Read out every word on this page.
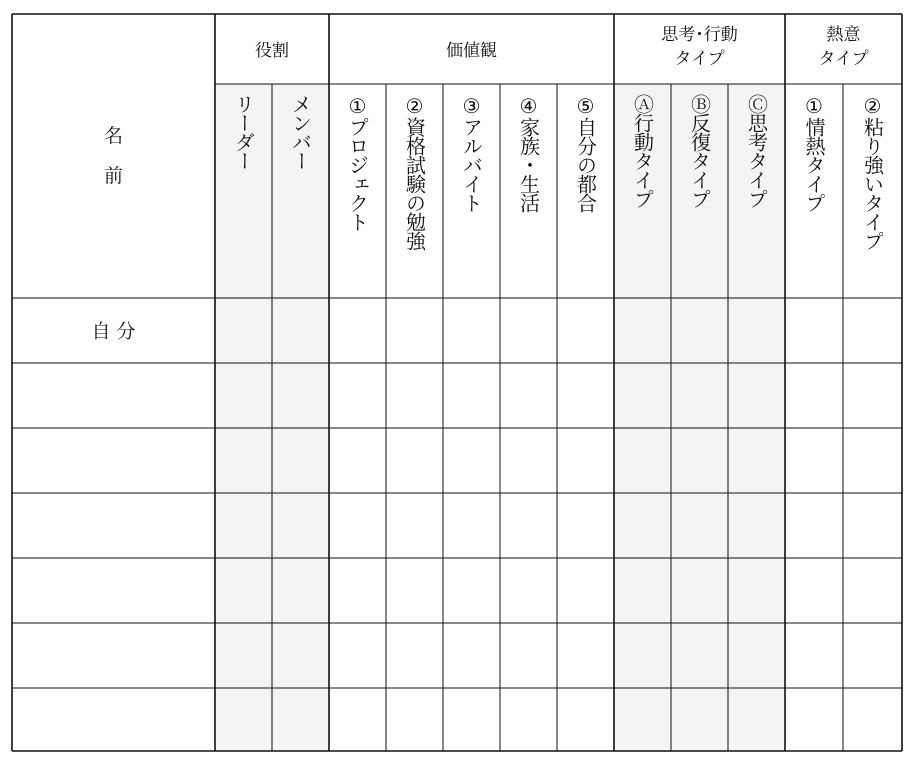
名
前
役割	価値観
思考･行動
タイプ
熱意
タイプ
リーダー メンバー ①プロジェクト ②資格試験の勉強 ③アルバイト ④家族・生活 ⑤自分の都合 Ⓐ行動タイプ Ⓑ反復タイプ Ⓒ思考タイプ ①情熱タイプ ②粘り強いタイプ
自 分
